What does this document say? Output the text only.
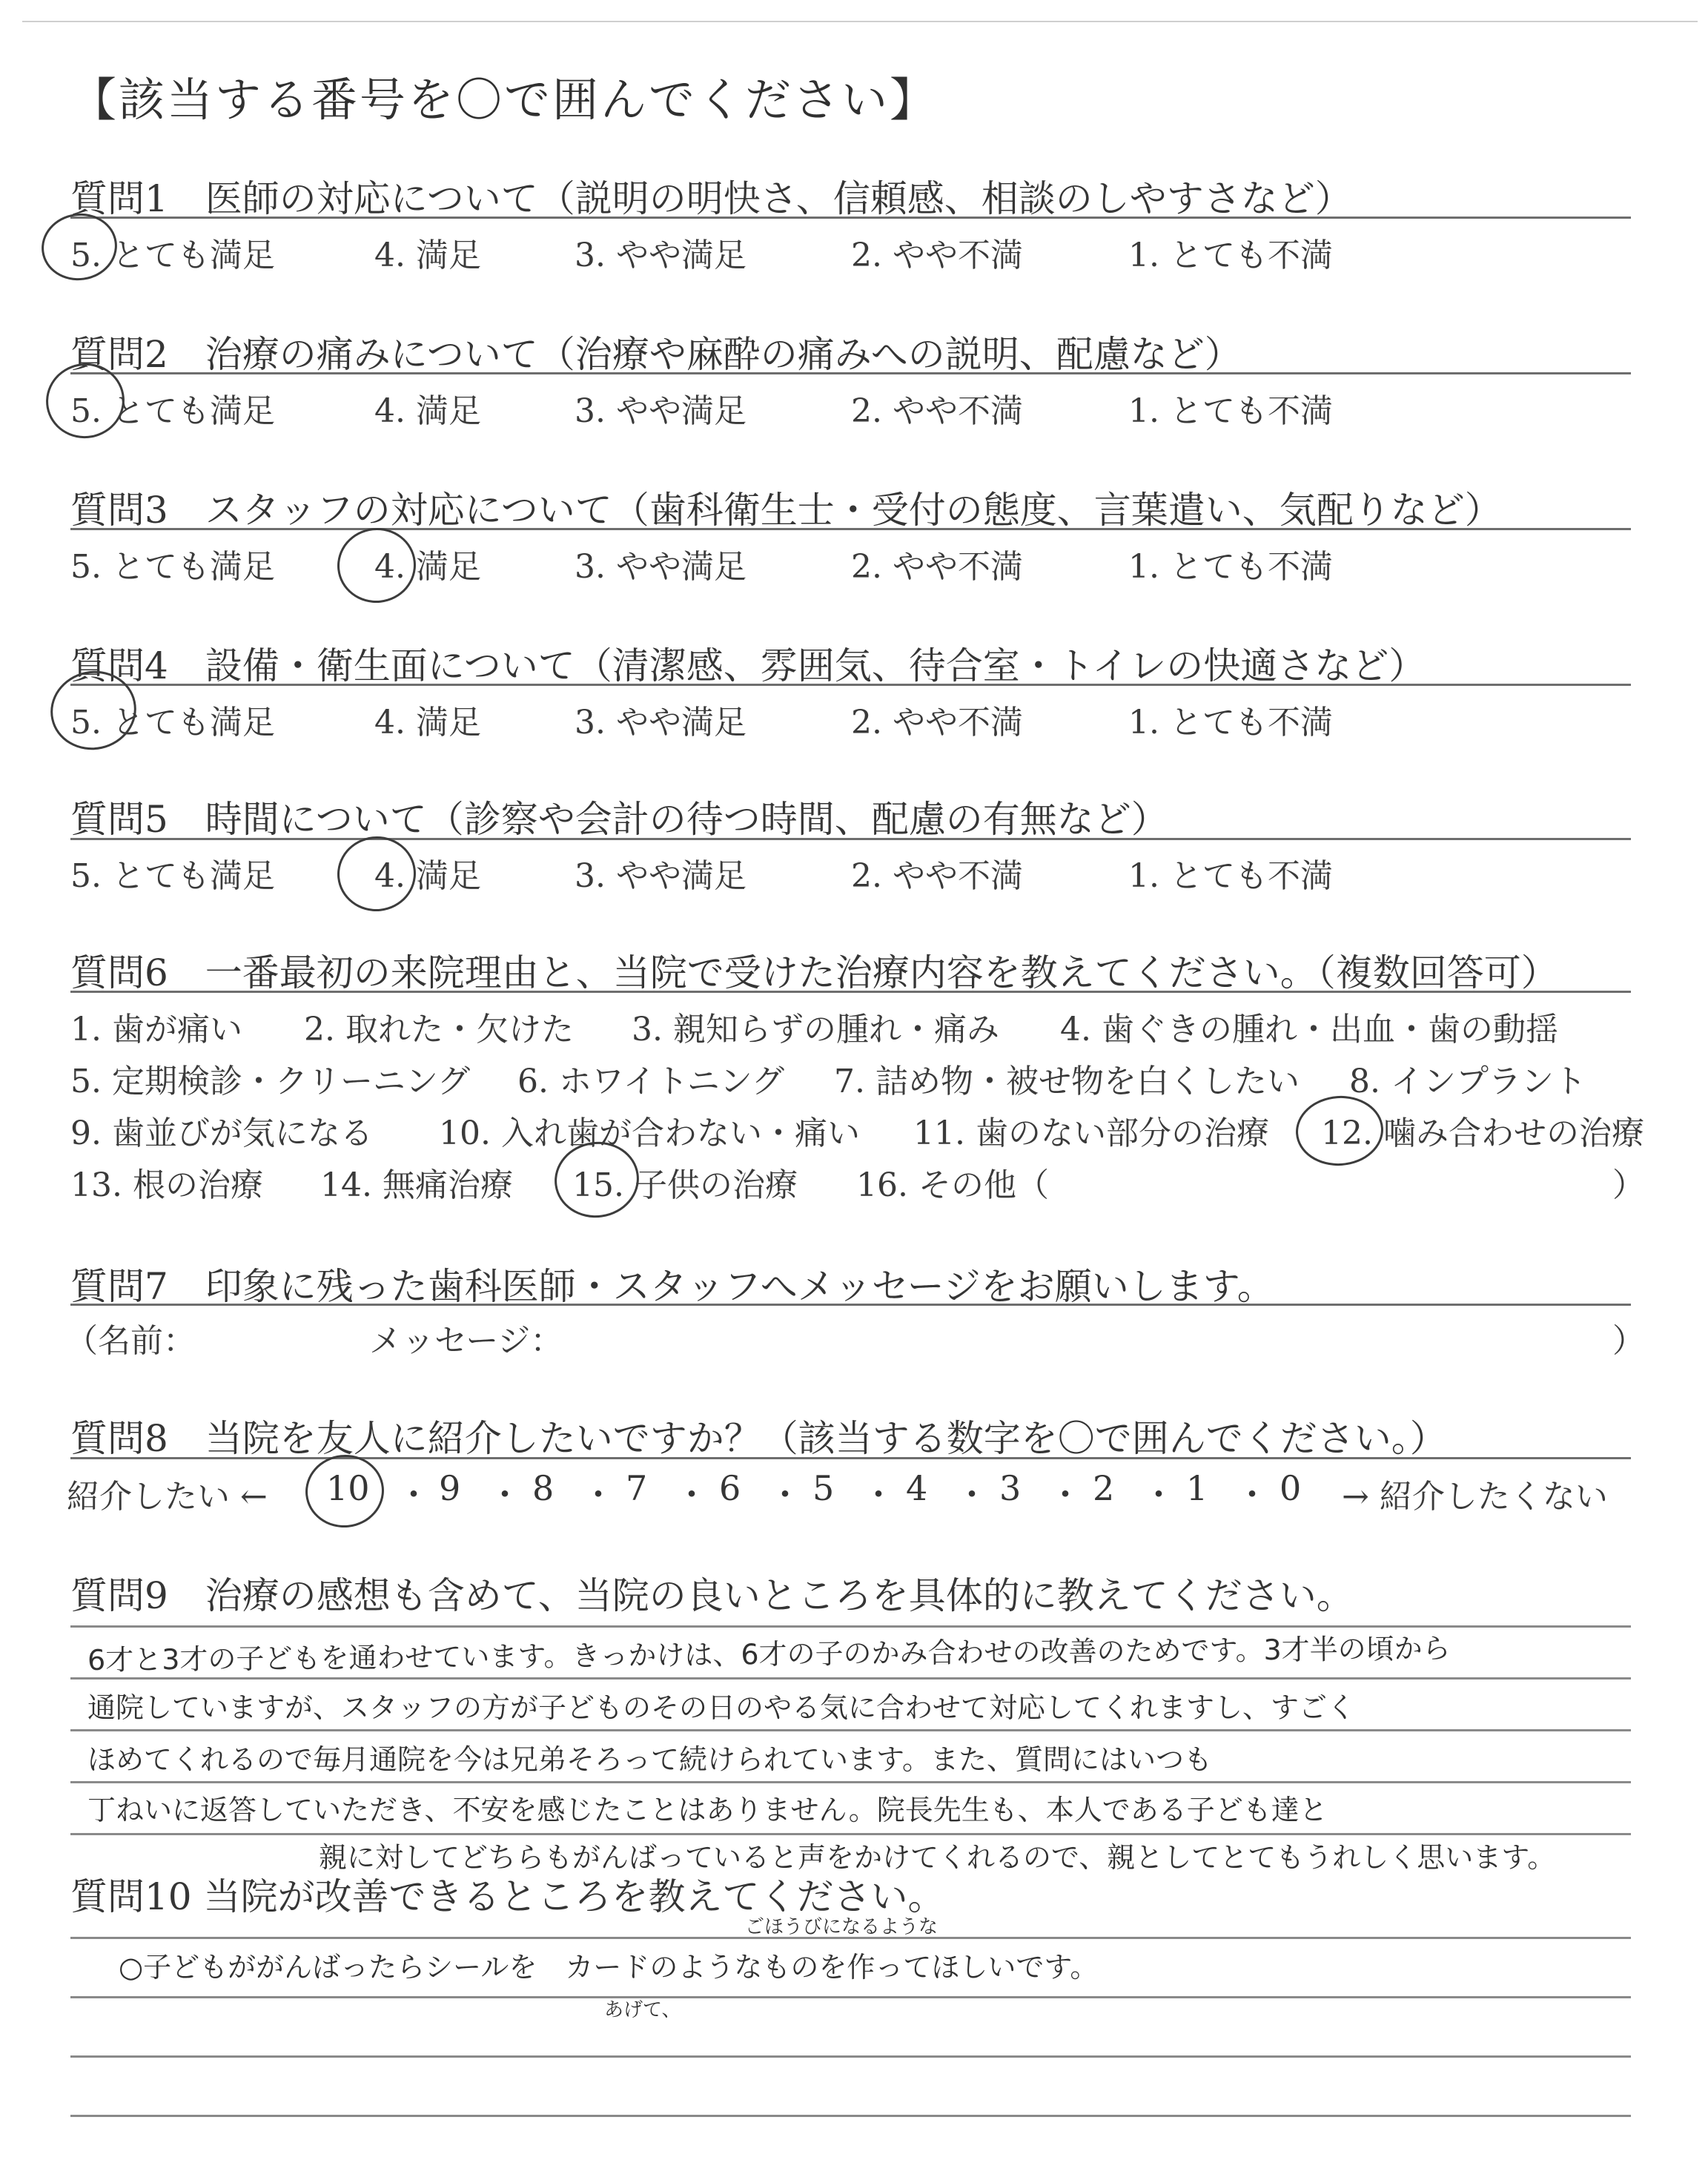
【該当する番号を〇で囲んでください】
質問1　医師の対応について（説明の明快さ、信頼感、相談のしやすさなど）
5. とても満足	4. 満足	3. やや満足	2. やや不満	1. とても不満
質問2　治療の痛みについて（治療や麻酔の痛みへの説明、配慮など）
5. とても満足	4. 満足	3. やや満足	2. やや不満	1. とても不満
質問3　スタッフの対応について（歯科衛生士・受付の態度、言葉遣い、気配りなど）
5. とても満足	4. 満足	3. やや満足	2. やや不満	1. とても不満
質問4　設備・衛生面について（清潔感、雰囲気、待合室・トイレの快適さなど）
5. とても満足	4. 満足	3. やや満足	2. やや不満	1. とても不満
質問5　時間について（診察や会計の待つ時間、配慮の有無など）
5. とても満足	4. 満足	3. やや満足	2. やや不満	1. とても不満
質問6　一番最初の来院理由と、当院で受けた治療内容を教えてください。（複数回答可）
1. 歯が痛い 2. 取れた・欠けた 3. 親知らずの腫れ・痛み 4. 歯ぐきの腫れ・出血・歯の動揺
5. 定期検診・クリーニング 6. ホワイトニング 7. 詰め物・被せ物を白くしたい 8. インプラント
9. 歯並びが気になる 10. 入れ歯が合わない・痛い 11. 歯のない部分の治療 12. 噛み合わせの治療
13. 根の治療 14. 無痛治療 15. 子供の治療 16. その他（	）
質問7　印象に残った歯科医師・スタッフへメッセージをお願いします。
（名前：	メッセージ：	）
質問8　当院を友人に紹介したいですか？（該当する数字を〇で囲んでください。）
紹介したい ← 10 ・ 9 ・ 8 ・ 7 ・ 6 ・ 5 ・ 4 ・ 3 ・ 2 ・ 1 ・ 0 → 紹介したくない
質問9　治療の感想も含めて、当院の良いところを具体的に教えてください。
6才と3才の子どもを通わせています。きっかけは、6才の子のかみ合わせの改善のためです。3才半の頃から
通院していますが、スタッフの方が子どものその日のやる気に合わせて対応してくれますし、すごく
ほめてくれるので毎月通院を今は兄弟そろって続けられています。また、質問にはいつも
丁ねいに返答していただき、不安を感じたことはありません。院長先生も、本人である子ども達と
親に対してどちらもがんばっていると声をかけてくれるので、親としてとてもうれしく思います。
質問10 当院が改善できるところを教えてください。
ごほうびになるような
○子どもががんばったらシールを　カードのようなものを作ってほしいです。
あげて、
